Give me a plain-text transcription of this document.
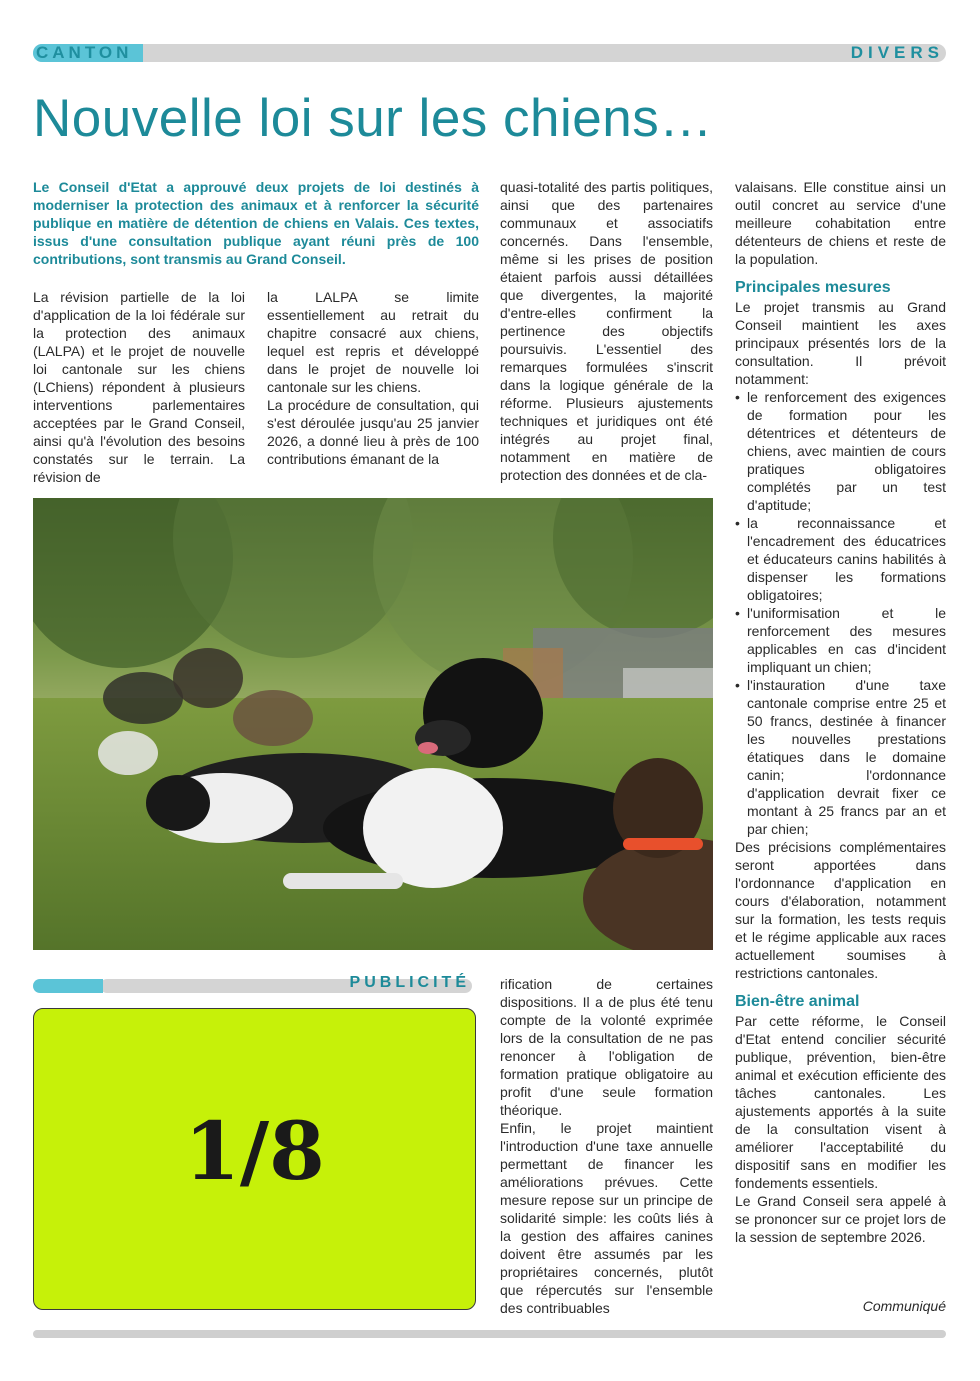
CANTON	DIVERS
Nouvelle loi sur les chiens…
Le Conseil d'Etat a approuvé deux projets de loi destinés à moderniser la protection des animaux et à renforcer la sécurité publique en matière de détention de chiens en Valais. Ces textes, issus d'une consultation publique ayant réuni près de 100 contributions, sont transmis au Grand Conseil.

La révision partielle de la loi d'application de la loi fédérale sur la protection des animaux (LALPA) et le projet de nouvelle loi cantonale sur les chiens (LChiens) répondent à plusieurs interventions parlementaires acceptées par le Grand Conseil, ainsi qu'à l'évolution des besoins constatés sur le terrain. La révision de

la LALPA se limite essentiellement au retrait du chapitre consacré aux chiens, lequel est repris et développé dans le projet de nouvelle loi cantonale sur les chiens.

La procédure de consultation, qui s'est déroulée jusqu'au 25 janvier 2026, a donné lieu à près de 100 contributions émanant de la

quasi-totalité des partis politiques, ainsi que des partenaires communaux et associatifs concernés. Dans l'ensemble, même si les prises de position étaient parfois aussi détaillées que divergentes, la majorité d'entre-elles confirment la pertinence des objectifs poursuivis. L'essentiel des remarques formulées s'inscrit dans la logique générale de la réforme. Plusieurs ajustements techniques et juridiques ont été intégrés au projet final, notamment en matière de protection des données et de cla-

rification de certaines dispositions. Il a de plus été tenu compte de la volonté exprimée lors de la consultation de ne pas renoncer à l'obligation de formation pratique obligatoire au profit d'une seule formation théorique.

Enfin, le projet maintient l'introduction d'une taxe annuelle permettant de financer les améliorations prévues. Cette mesure repose sur un principe de solidarité simple: les coûts liés à la gestion des affaires canines doivent être assumés par les propriétaires concernés, plutôt que répercutés sur l'ensemble des contribuables

valaisans. Elle constitue ainsi un outil concret au service d'une meilleure cohabitation entre détenteurs de chiens et reste de la population.

Principales mesures

Le projet transmis au Grand Conseil maintient les axes principaux présentés lors de la consultation. Il prévoit notamment:

• le renforcement des exigences de formation pour les détentrices et détenteurs de chiens, avec maintien de cours pratiques obligatoires complétés par un test d'aptitude;
• la reconnaissance et l'encadrement des éducatrices et éducateurs canins habilités à dispenser les formations obligatoires;
• l'uniformisation et le renforcement des mesures applicables en cas d'incident impliquant un chien;
• l'instauration d'une taxe cantonale comprise entre 25 et 50 francs, destinée à financer les nouvelles prestations étatiques dans le domaine canin; l'ordonnance d'application devrait fixer ce montant à 25 francs par an et par chien;

Des précisions complémentaires seront apportées dans l'ordonnance d'application en cours d'élaboration, notamment sur la formation, les tests requis et le régime applicable aux races actuellement soumises à restrictions cantonales.

Bien-être animal

Par cette réforme, le Conseil d'Etat entend concilier sécurité publique, prévention, bien-être animal et exécution efficiente des tâches cantonales. Les ajustements apportés à la suite de la consultation visent à améliorer l'acceptabilité du dispositif sans en modifier les fondements essentiels.

Le Grand Conseil sera appelé à se prononcer sur ce projet lors de la session de septembre 2026.

Communiqué
PUBLICITÉ
1/8
